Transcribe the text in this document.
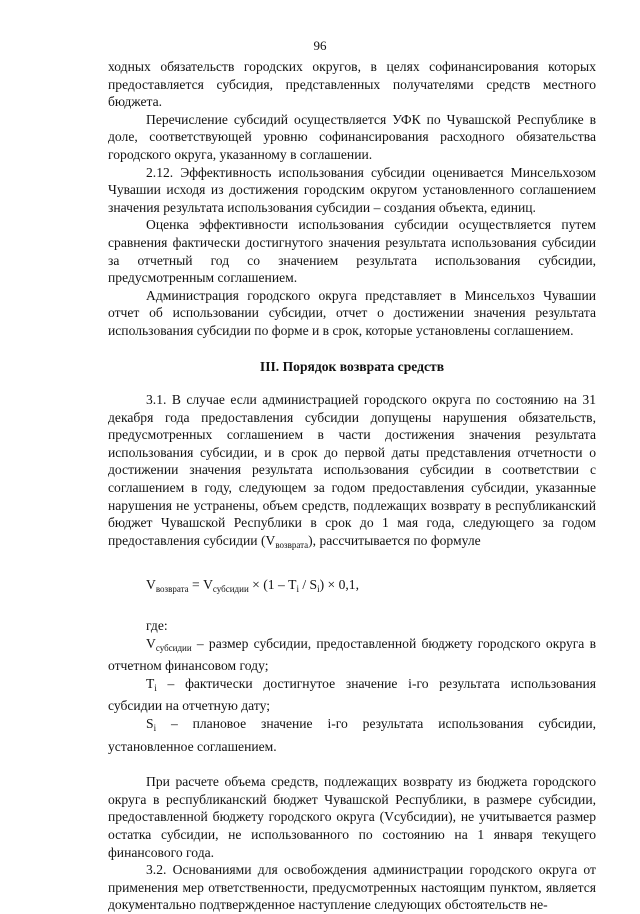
96

ходных обязательств городских округов, в целях софинансирования которых предоставляется субсидия, представленных получателями средств местного бюджета.

Перечисление субсидий осуществляется УФК по Чувашской Республике в доле, соответствующей уровню софинансирования расходного обязательства городского округа, указанному в соглашении.

2.12. Эффективность использования субсидии оценивается Минсельхозом Чувашии исходя из достижения городским округом установленного соглашением значения результата использования субсидии – создания объекта, единиц.

Оценка эффективности использования субсидии осуществляется путем сравнения фактически достигнутого значения результата использования субсидии за отчетный год со значением результата использования субсидии, предусмотренным соглашением.

Администрация городского округа представляет в Минсельхоз Чувашии отчет об использовании субсидии, отчет о достижении значения результата использования субсидии по форме и в срок, которые установлены соглашением.

III. Порядок возврата средств

3.1. В случае если администрацией городского округа по состоянию на 31 декабря года предоставления субсидии допущены нарушения обязательств, предусмотренных соглашением в части достижения значения результата использования субсидии, и в срок до первой даты представления отчетности о достижении значения результата использования субсидии в соответствии с соглашением в году, следующем за годом предоставления субсидии, указанные нарушения не устранены, объем средств, подлежащих возврату в республиканский бюджет Чувашской Республики в срок до 1 мая года, следующего за годом предоставления субсидии $(V_{возврата})$, рассчитывается по формуле

$V_{возврата} = V_{субсидии} \times (1 - T_i / S_i) \times 0,1$,

где:

$V_{субсидии}$ – размер субсидии, предоставленной бюджету городского округа в отчетном финансовом году;

$T_i$ – фактически достигнутое значение i-го результата использования субсидии на отчетную дату;

$S_i$ – плановое значение i-го результата использования субсидии, установленное соглашением.

При расчете объема средств, подлежащих возврату из бюджета городского округа в республиканский бюджет Чувашской Республики, в размере субсидии, предоставленной бюджету городского округа (Vсубсидии), не учитывается размер остатка субсидии, не использованного по состоянию на 1 января текущего финансового года.

3.2. Основаниями для освобождения администрации городского округа от применения мер ответственности, предусмотренных настоящим пунктом, является документально подтвержденное наступление следующих обстоятельств не-
